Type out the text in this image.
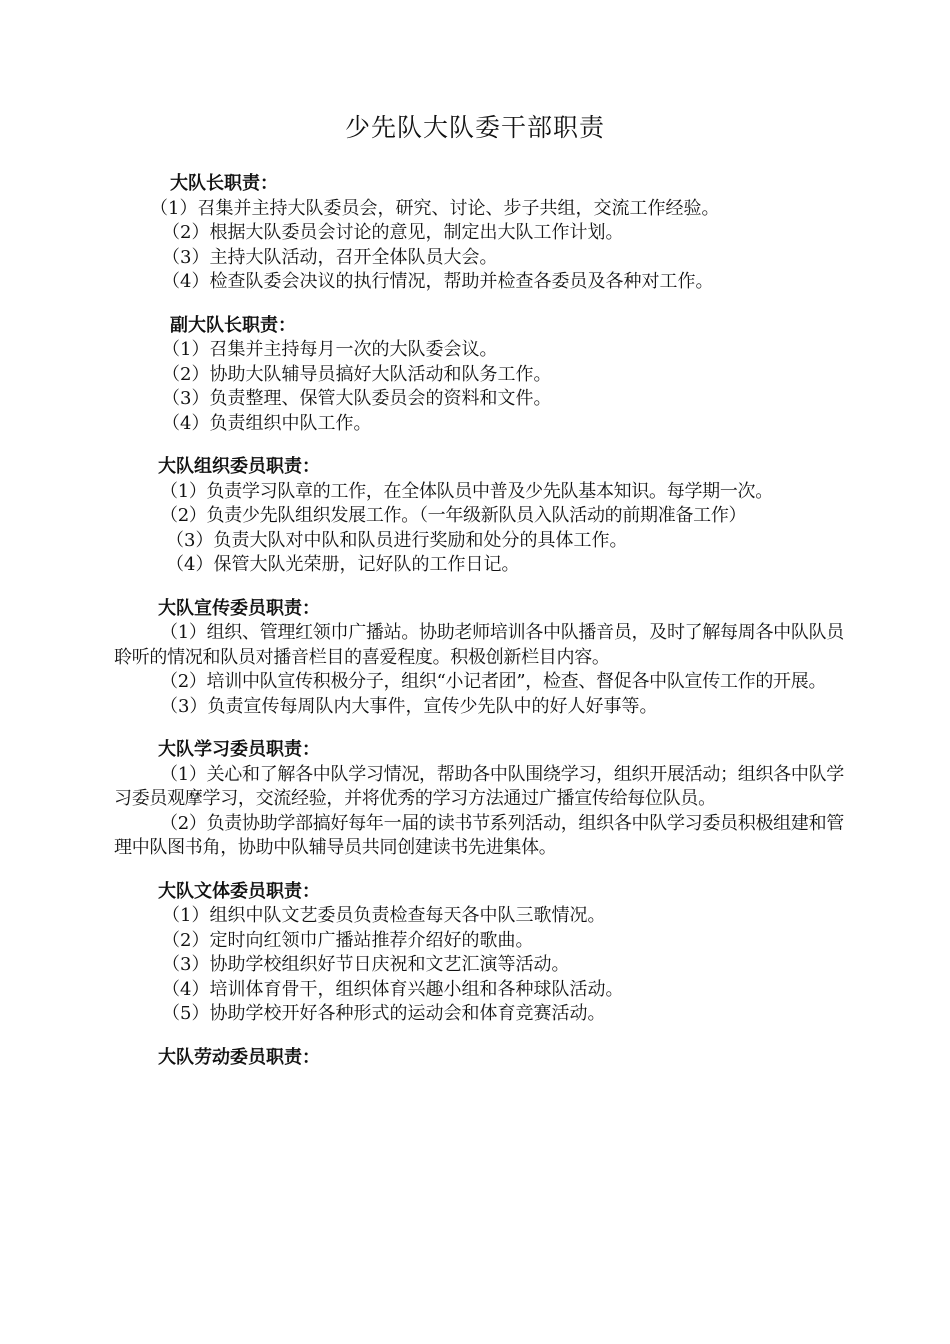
少先队大队委干部职责

大队长职责：

（1）召集并主持大队委员会，研究、讨论、步子共组，交流工作经验。

（2）根据大队委员会讨论的意见，制定出大队工作计划。

（3）主持大队活动，召开全体队员大会。

（4）检查队委会决议的执行情况，帮助并检查各委员及各种对工作。

副大队长职责：

（1）召集并主持每月一次的大队委会议。

（2）协助大队辅导员搞好大队活动和队务工作。

（3）负责整理、保管大队委员会的资料和文件。

（4）负责组织中队工作。

大队组织委员职责：

（1）负责学习队章的工作，在全体队员中普及少先队基本知识。每学期一次。

（2）负责少先队组织发展工作。（一年级新队员入队活动的前期准备工作）

（3）负责大队对中队和队员进行奖励和处分的具体工作。

（4）保管大队光荣册，记好队的工作日记。

大队宣传委员职责：

（1）组织、管理红领巾广播站。协助老师培训各中队播音员，及时了解每周各中队队员聆听的情况和队员对播音栏目的喜爱程度。积极创新栏目内容。

（2）培训中队宣传积极分子，组织“小记者团”，检查、督促各中队宣传工作的开展。

（3）负责宣传每周队内大事件，宣传少先队中的好人好事等。

大队学习委员职责：

（1）关心和了解各中队学习情况，帮助各中队围绕学习，组织开展活动；组织各中队学习委员观摩学习，交流经验，并将优秀的学习方法通过广播宣传给每位队员。

（2）负责协助学部搞好每年一届的读书节系列活动，组织各中队学习委员积极组建和管理中队图书角，协助中队辅导员共同创建读书先进集体。

大队文体委员职责：

（1）组织中队文艺委员负责检查每天各中队三歌情况。

（2）定时向红领巾广播站推荐介绍好的歌曲。

（3）协助学校组织好节日庆祝和文艺汇演等活动。

（4）培训体育骨干，组织体育兴趣小组和各种球队活动。

（5）协助学校开好各种形式的运动会和体育竞赛活动。

大队劳动委员职责：
